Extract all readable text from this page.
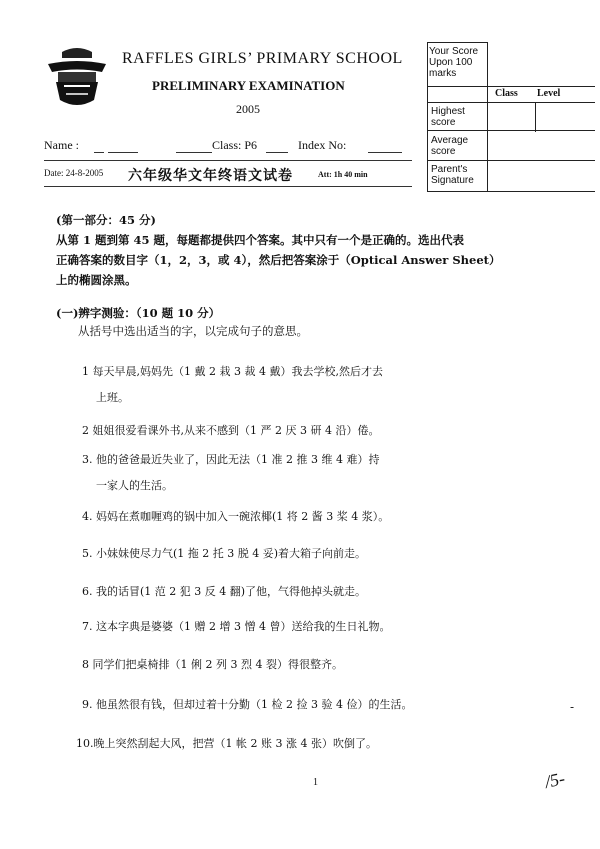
RAFFLES GIRLS’ PRIMARY SCHOOL
PRELIMINARY EXAMINATION
2005
Name :	Class: P6	Index No:
Date: 24-8-2005 六年级华文年终语文试卷	Att: 1h 40 min
Your Score Upon 100 marks
Class Level
Highest score
Average score
Parent's Signature
(第一部分：45 分)
从第 1 题到第 45 题，每题都提供四个答案。其中只有一个是正确的。选出代表
正确答案的数目字（1，2，3，或 4），然后把答案涂于（Optical Answer Sheet）
上的椭圆涂黑。
(一)辨字测验：（10 题 10 分）
从括号中选出适当的字，以完成句子的意思。
1 每天早晨,妈妈先（1 戴 2 栽 3 裁 4 戴）我去学校,然后才去
上班。
2 姐姐很爱看课外书,从来不感到（1 严 2 厌 3 研 4 沿）倦。
3. 他的爸爸最近失业了，因此无法（1 准 2 推 3 维 4 难）持
一家人的生活。
4. 妈妈在煮咖喱鸡的锅中加入一碗浓椰(1 将 2 酱 3 桨 4 浆）。
5. 小妹妹使尽力气(1 拖 2 托 3 脱 4 妥)着大箱子向前走。
6. 我的话冒(1 范 2 犯 3 反 4 翻)了他，气得他掉头就走。
7. 这本字典是婆婆（1 赠 2 增 3 憎 4 曾）送给我的生日礼物。
8 同学们把桌椅排（1 俐 2 列 3 烈 4 裂）得很整齐。
9. 他虽然很有钱，但却过着十分勤（1 检 2 捡 3 验 4 俭）的生活。
10.晚上突然刮起大风，把营（1 帐 2 账 3 涨 4 张）吹倒了。
-
1	/5-
